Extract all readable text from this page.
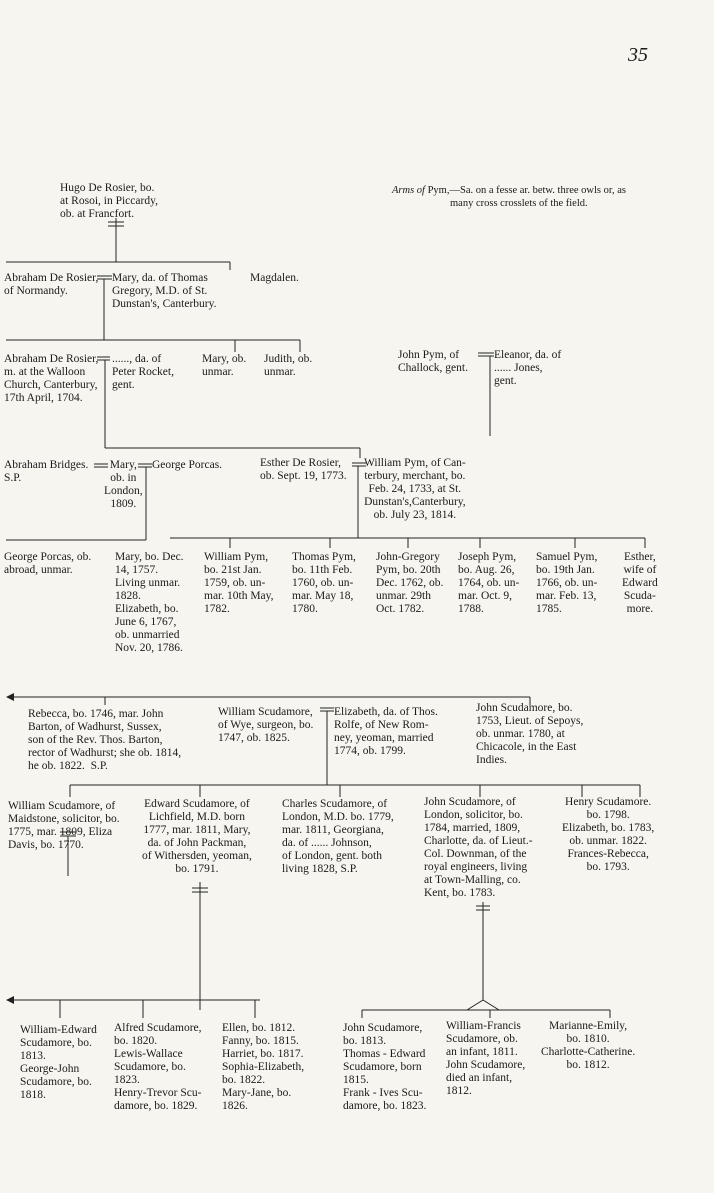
35
Arms of Pym,—Sa. on a fesse ar. betw. three owls or, as
many cross crosslets of the field.
Hugo De Rosier, bo.
at Rosoi, in Piccardy,
ob. at Francfort.
Abraham De Rosier,
of Normandy.
Mary, da. of Thomas
Gregory, M.D. of St.
Dunstan's, Canterbury.
Magdalen.
Abraham De Rosier,
m. at the Walloon
Church, Canterbury,
17th April, 1704.
......, da. of
Peter Rocket,
gent.
Mary, ob.
unmar.
Judith, ob.
unmar.
John Pym, of
Challock, gent.
Eleanor, da. of
...... Jones,
gent.
Abraham Bridges.
S.P.
Mary,
ob. in
London,
1809.
George Porcas.	Esther De Rosier,
ob. Sept. 19, 1773.
William Pym, of Can-
terbury, merchant, bo.
Feb. 24, 1733, at St.
Dunstan's,Canterbury,
ob. July 23, 1814.
George Porcas, ob.
abroad, unmar.
Mary, bo. Dec.
14, 1757.
Living unmar.
1828.
Elizabeth, bo.
June 6, 1767,
ob. unmarried
Nov. 20, 1786.
William Pym,
bo. 21st Jan.
1759, ob. un-
mar. 10th May,
1782.
Thomas Pym,
bo. 11th Feb.
1760, ob. un-
mar. May 18,
1780.
John-Gregory
Pym, bo. 20th
Dec. 1762, ob.
unmar. 29th
Oct. 1782.
Joseph Pym,
bo. Aug. 26,
1764, ob. un-
mar. Oct. 9,
1788.
Samuel Pym,
bo. 19th Jan.
1766, ob. un-
mar. Feb. 13,
1785.
Esther,
wife of
Edward
Scuda-
more.
Rebecca, bo. 1746, mar. John
Barton, of Wadhurst, Sussex,
son of the Rev. Thos. Barton,
rector of Wadhurst; she ob. 1814,
he ob. 1822.  S.P.
William Scudamore,
of Wye, surgeon, bo.
1747, ob. 1825.
Elizabeth, da. of Thos.
Rolfe, of New Rom-
ney, yeoman, married
1774, ob. 1799.
John Scudamore, bo.
1753, Lieut. of Sepoys,
ob. unmar. 1780, at
Chicacole, in the East
Indies.
William Scudamore, of
Maidstone, solicitor, bo.
1775, mar. 1809, Eliza
Davis, bo. 1770.
Edward Scudamore, of
Lichfield, M.D. born
1777, mar. 1811, Mary,
da. of John Packman,
of Withersden, yeoman,
bo. 1791.
Charles Scudamore, of
London, M.D. bo. 1779,
mar. 1811, Georgiana,
da. of ...... Johnson,
of London, gent. both
living 1828, S.P.
John Scudamore, of
London, solicitor, bo.
1784, married, 1809,
Charlotte, da. of Lieut.-
Col. Downman, of the
royal engineers, living
at Town-Malling, co.
Kent, bo. 1783.
Henry Scudamore.
bo. 1798.
Elizabeth, bo. 1783,
ob. unmar. 1822.
Frances-Rebecca,
bo. 1793.
William-Edward
Scudamore, bo.
1813.
George-John
Scudamore, bo.
1818.
Alfred Scudamore,
bo. 1820.
Lewis-Wallace
Scudamore, bo.
1823.
Henry-Trevor Scu-
damore, bo. 1829.
Ellen, bo. 1812.
Fanny, bo. 1815.
Harriet, bo. 1817.
Sophia-Elizabeth,
bo. 1822.
Mary-Jane, bo.
1826.
John Scudamore,
bo. 1813.
Thomas - Edward
Scudamore, born
1815.
Frank - Ives Scu-
damore, bo. 1823.
William-Francis
Scudamore, ob.
an infant, 1811.
John Scudamore,
died an infant,
1812.
Marianne-Emily,
bo. 1810.
Charlotte-Catherine.
bo. 1812.
